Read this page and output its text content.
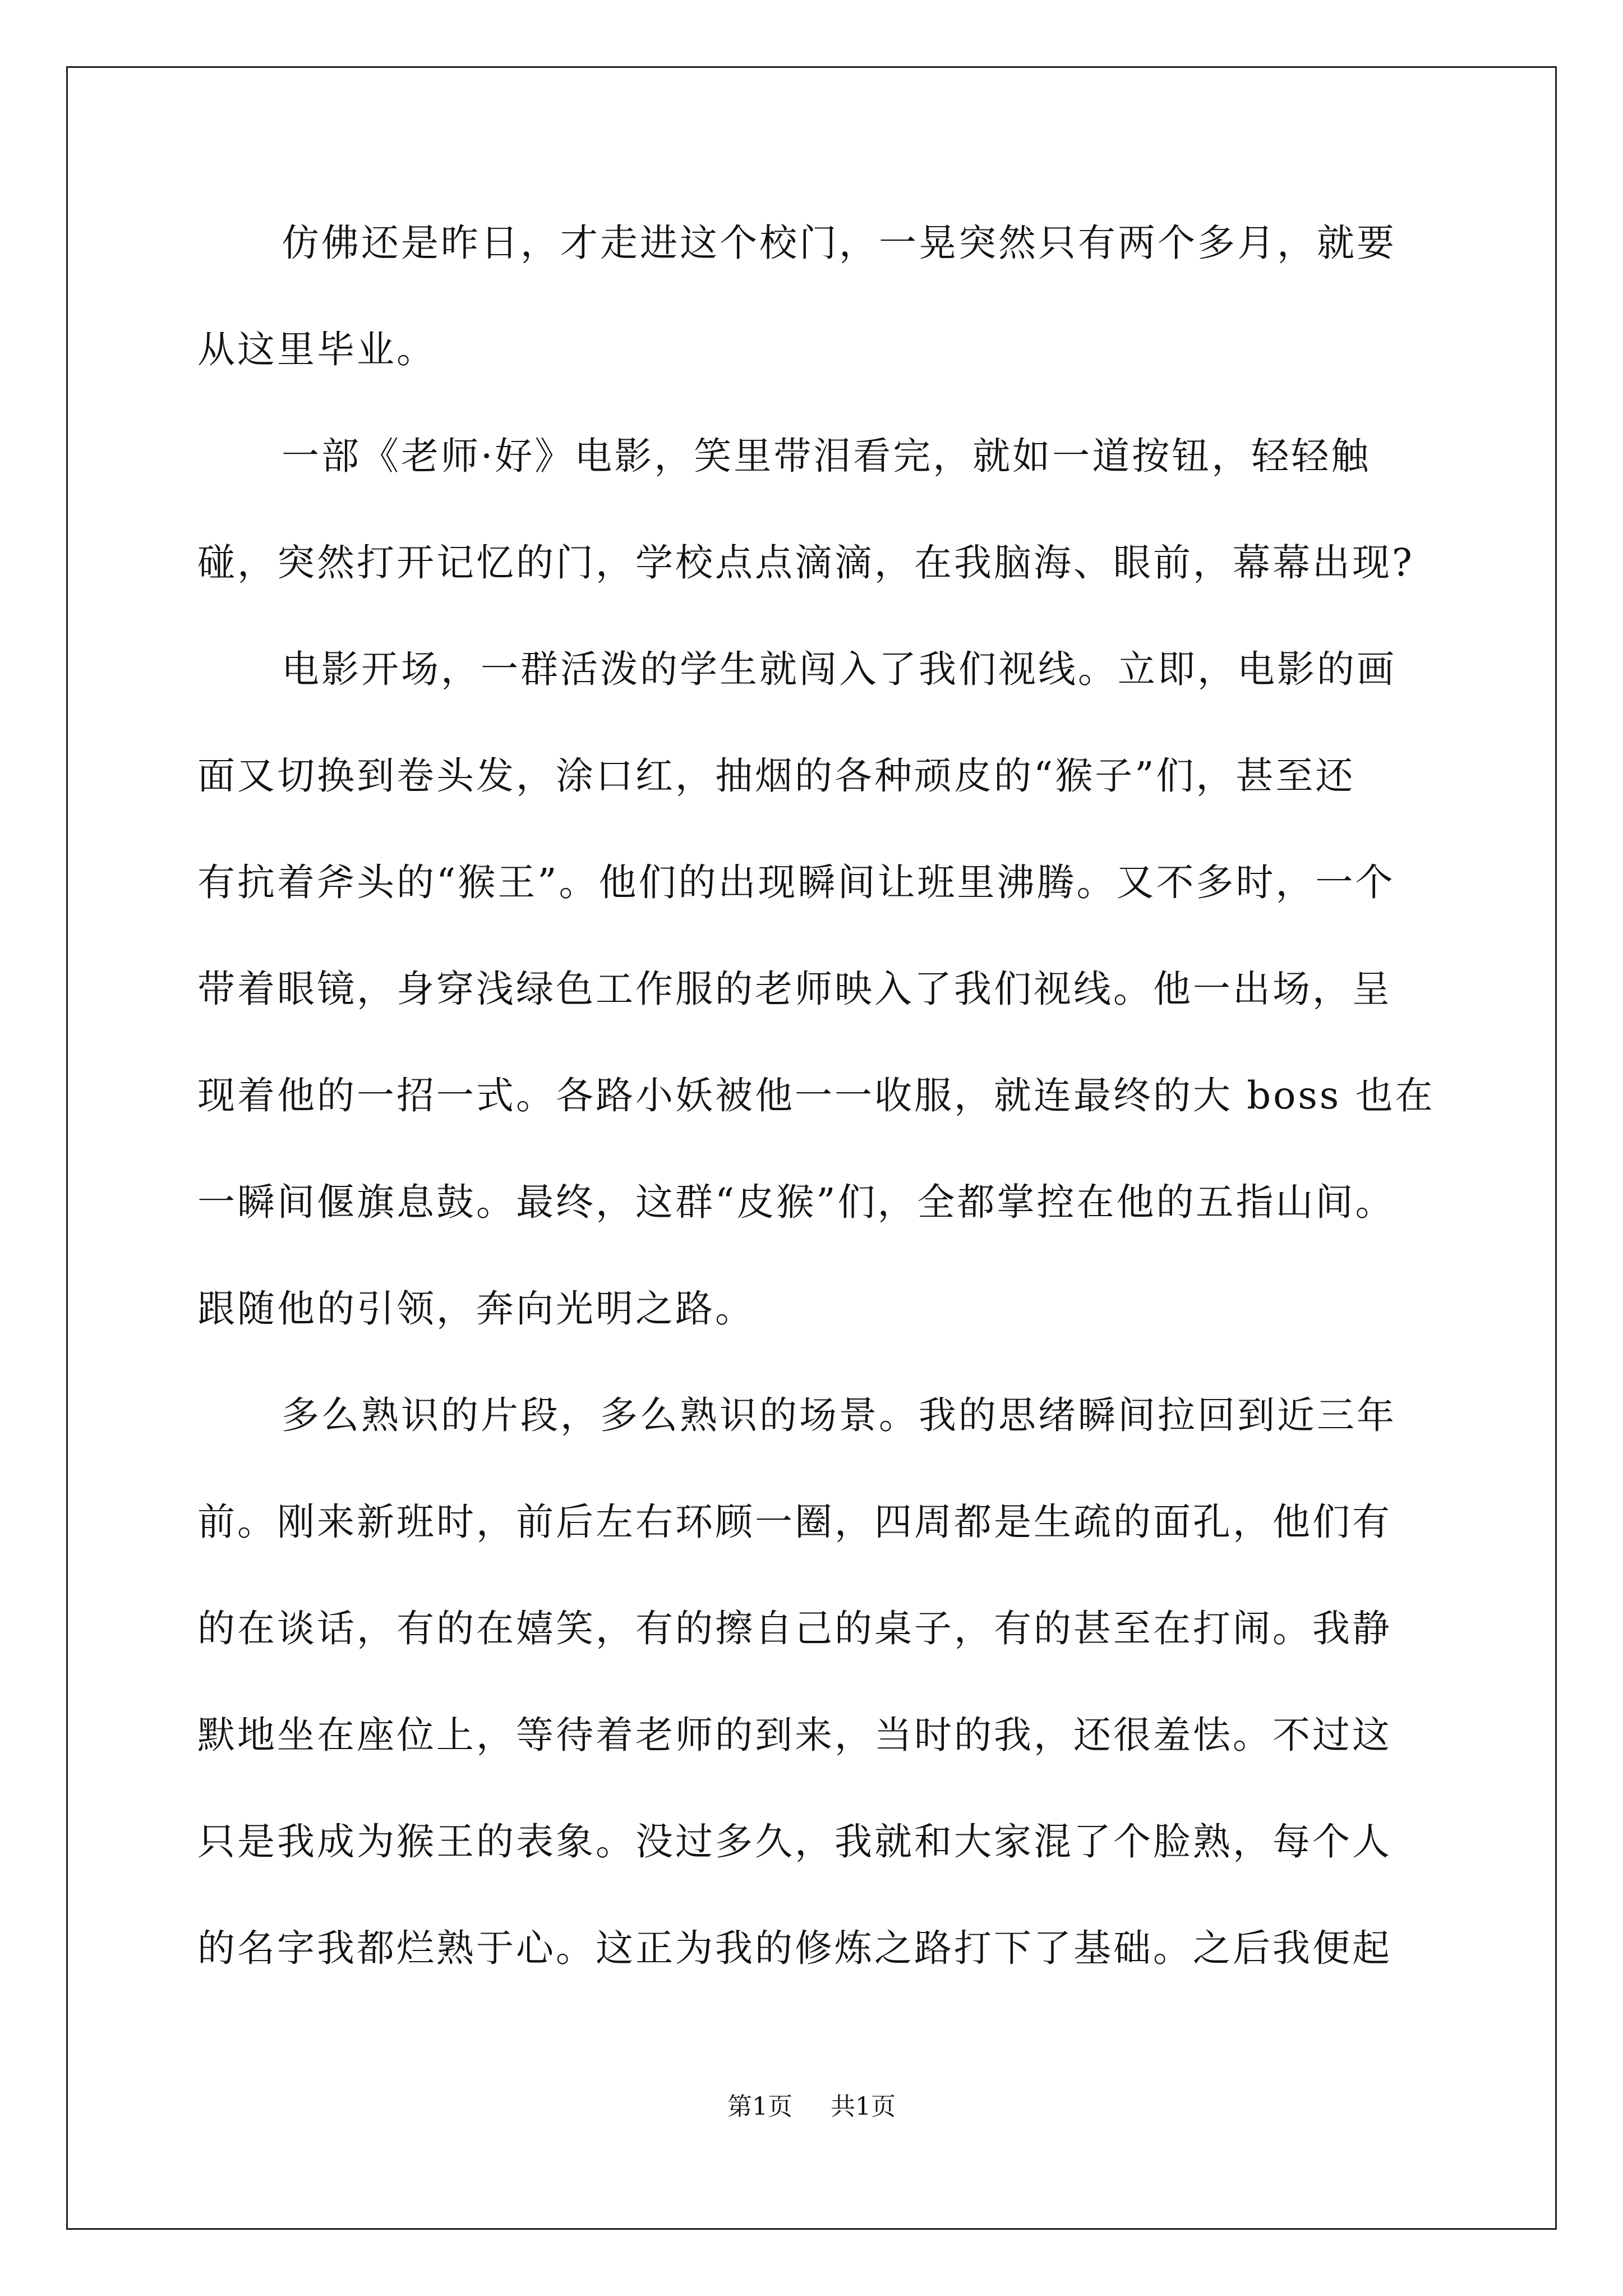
仿佛还是昨日，才走进这个校门，一晃突然只有两个多月，就要
从这里毕业。
一部《老师·好》电影，笑里带泪看完，就如一道按钮，轻轻触
碰，突然打开记忆的门，学校点点滴滴，在我脑海、眼前，幕幕出现?
电影开场，一群活泼的学生就闯入了我们视线。立即，电影的画
面又切换到卷头发，涂口红，抽烟的各种顽皮的“猴子”们，甚至还
有抗着斧头的“猴王”。他们的出现瞬间让班里沸腾。又不多时，一个
带着眼镜，身穿浅绿色工作服的老师映入了我们视线。他一出场，呈
现着他的一招一式。各路小妖被他一一收服，就连最终的大 boss 也在
一瞬间偃旗息鼓。最终，这群“皮猴”们，全都掌控在他的五指山间。
跟随他的引领，奔向光明之路。
多么熟识的片段，多么熟识的场景。我的思绪瞬间拉回到近三年
前。刚来新班时，前后左右环顾一圈，四周都是生疏的面孔，他们有
的在谈话，有的在嬉笑，有的擦自己的桌子，有的甚至在打闹。我静
默地坐在座位上，等待着老师的到来，当时的我，还很羞怯。不过这
只是我成为猴王的表象。没过多久，我就和大家混了个脸熟，每个人
的名字我都烂熟于心。这正为我的修炼之路打下了基础。之后我便起
第1页 共1页
